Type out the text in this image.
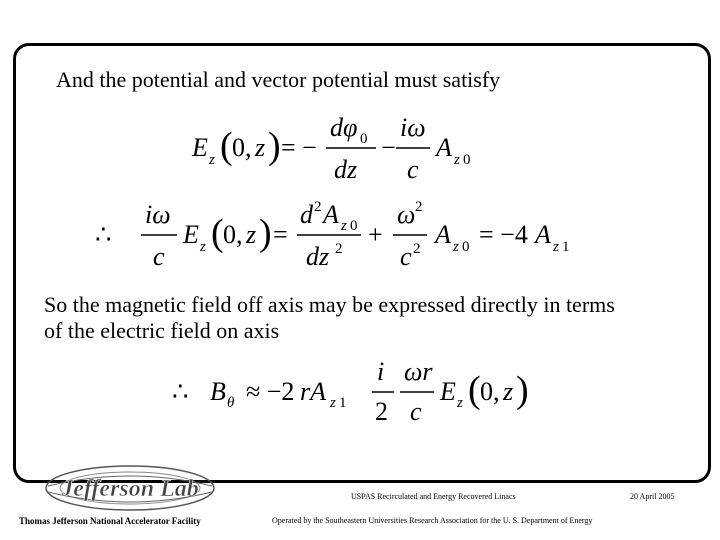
And the potential and vector potential must satisfy
E z ( 0, z ) = −
dφ 0
dz
−
iω
c
A z 0
∴
iω
c
E z ( 0, z ) =
d 2 A z 0
dz 2 +
ω 2
c 2 A z 0 = −4 A z 1
So the magnetic field off axis may be expressed directly in terms
of the electric field on axis
∴ B θ ≈ −2 rA z 1
i
2
ωr
c
E z ( 0, z )
Jefferson Lab	USPAS Recirculated and Energy Recovered Linacs	20 April 2005
Thomas Jefferson National Accelerator Facility	Operated by the Southeastern Universities Research Association for the U. S. Department of Energy
